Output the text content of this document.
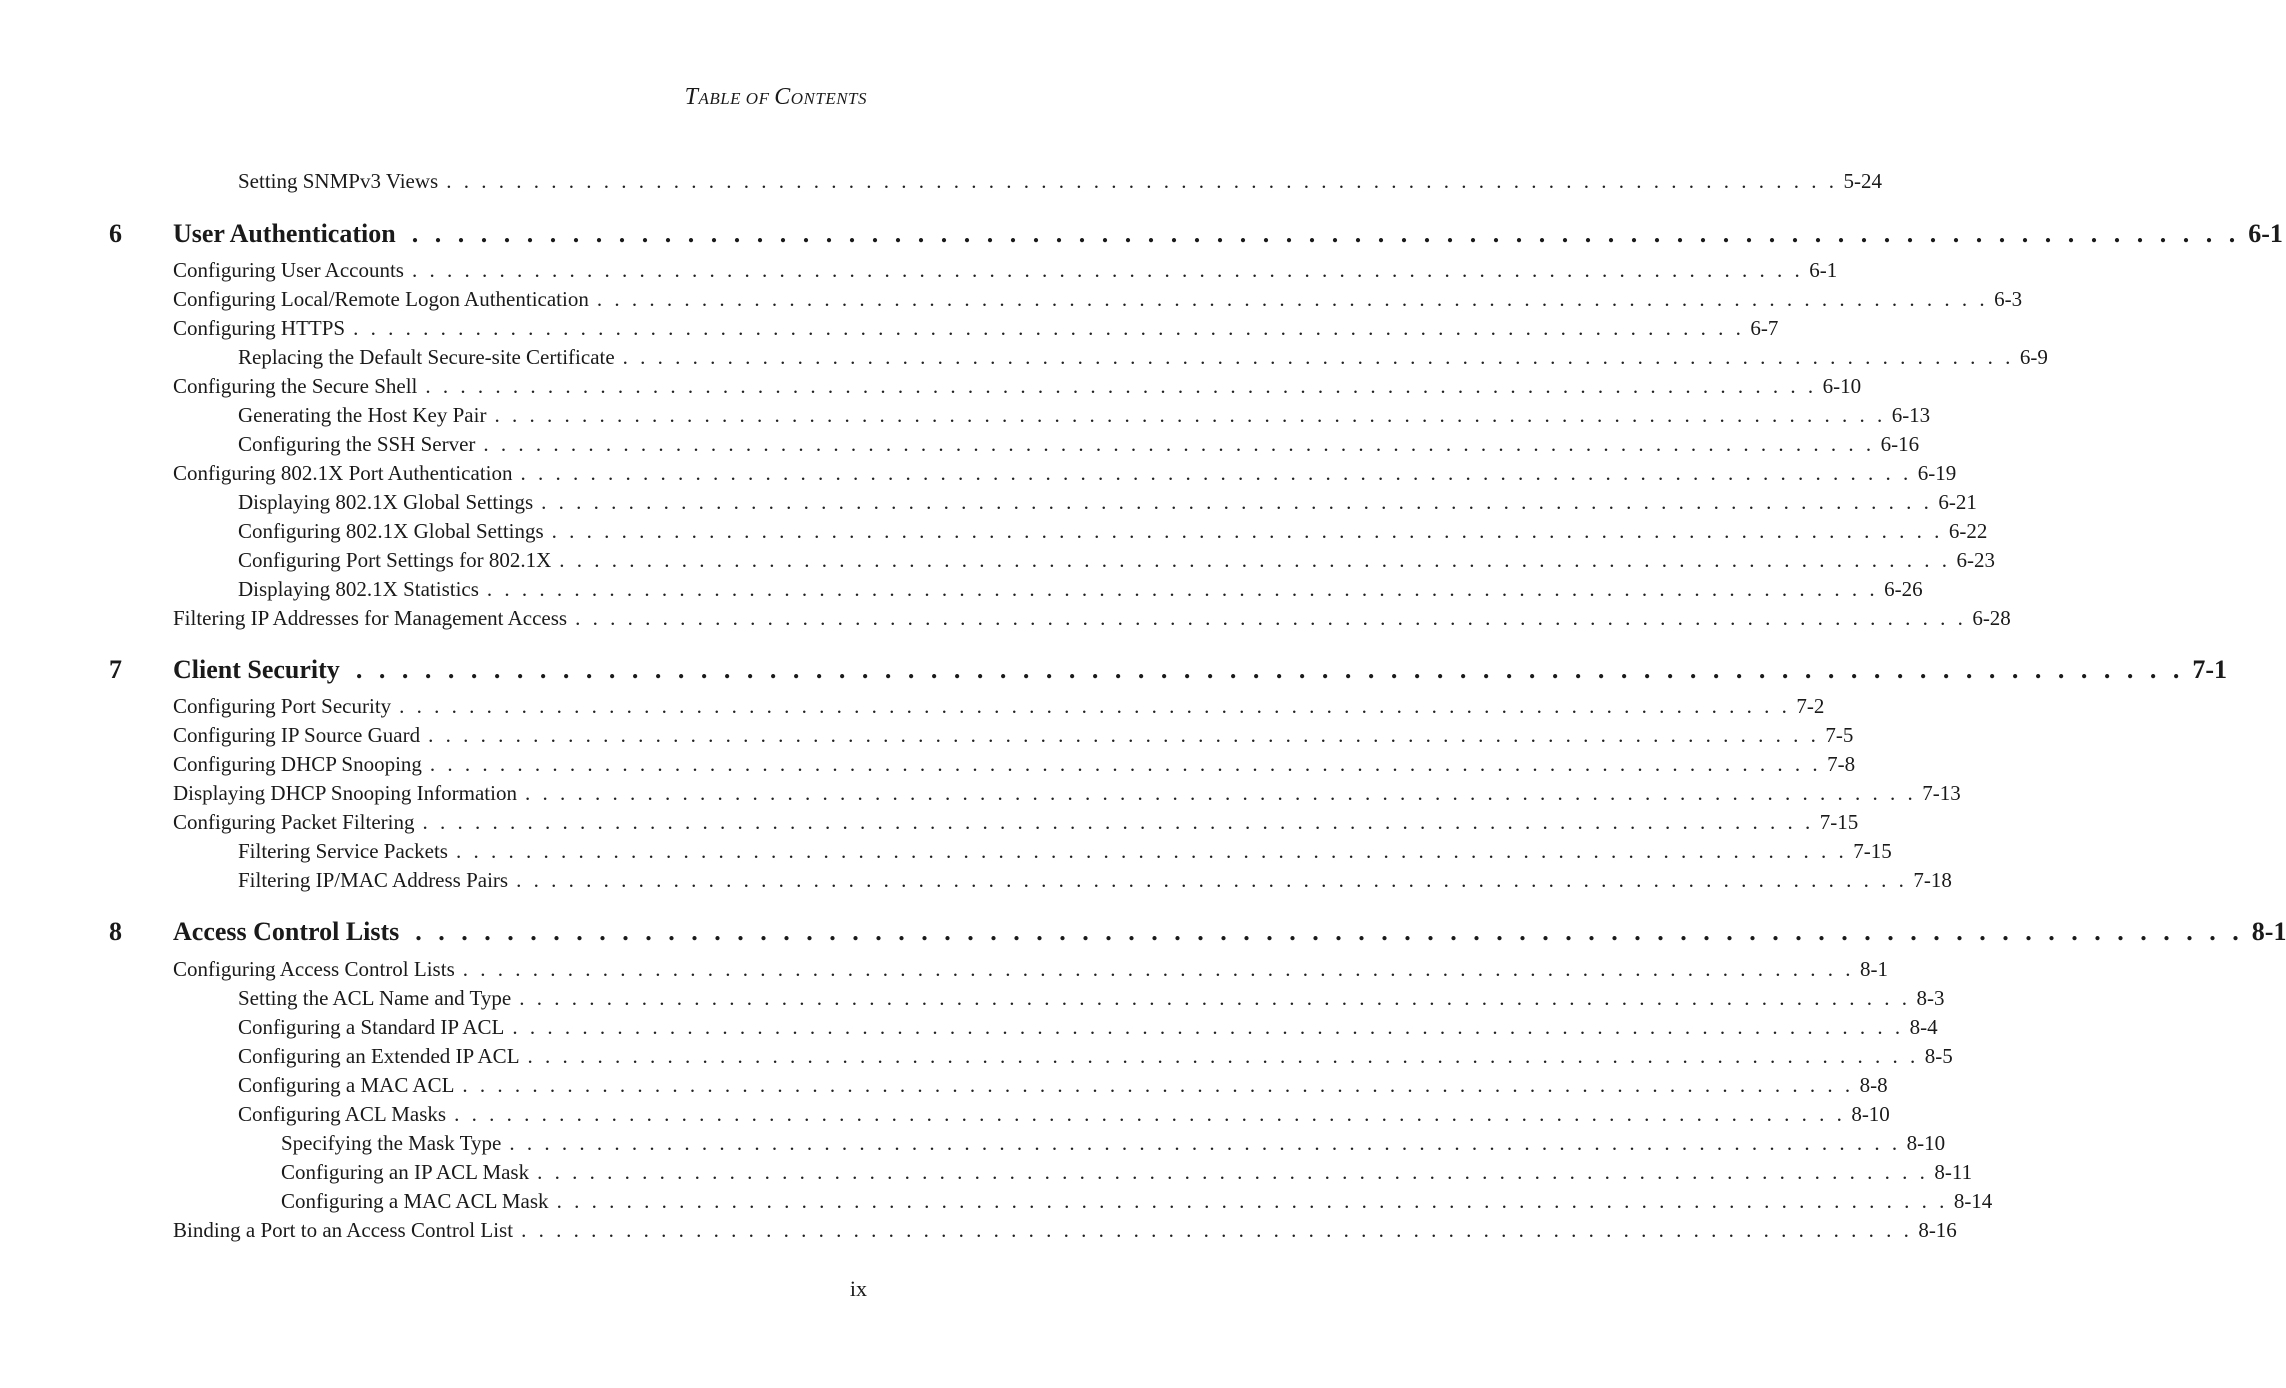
TABLE OF CONTENTS
Setting SNMPv3 Views . . . . . . . . . . . . . . . . . . . . . . . . . . . . . . . . . . . . . . . . . . . . . . . . . . . . . . . . . . . . . . . . . . . . . . . . . . . . . . . . 5-24
6 User Authentication . . . . . . . . . . . . . . . . . . . . . . . . . . . . . . . . . . . . . . . . . . . . . . . . . . . . . . . . . . . . . . . . . . . . . . . . . . . . . . . . 6-1
Configuring User Accounts . . . . . . . . . . . . . . . . . . . . . . . . . . . . . . . . . . . . . . . . . . . . . . . . . . . . . . . . . . . . . . . . . . . . . . . . . . . . . . . . 6-1
Configuring Local/Remote Logon Authentication . . . . . . . . . . . . . . . . . . . . . . . . . . . . . . . . . . . . . . . . . . . . . . . . . . . . . . . . . . . . . . . . . . . . . . . . . . . . . . . . 6-3
Configuring HTTPS . . . . . . . . . . . . . . . . . . . . . . . . . . . . . . . . . . . . . . . . . . . . . . . . . . . . . . . . . . . . . . . . . . . . . . . . . . . . . . . . 6-7
Replacing the Default Secure-site Certificate . . . . . . . . . . . . . . . . . . . . . . . . . . . . . . . . . . . . . . . . . . . . . . . . . . . . . . . . . . . . . . . . . . . . . . . . . . . . . . . . 6-9
Configuring the Secure Shell . . . . . . . . . . . . . . . . . . . . . . . . . . . . . . . . . . . . . . . . . . . . . . . . . . . . . . . . . . . . . . . . . . . . . . . . . . . . . . . . 6-10
Generating the Host Key Pair . . . . . . . . . . . . . . . . . . . . . . . . . . . . . . . . . . . . . . . . . . . . . . . . . . . . . . . . . . . . . . . . . . . . . . . . . . . . . . . . 6-13
Configuring the SSH Server . . . . . . . . . . . . . . . . . . . . . . . . . . . . . . . . . . . . . . . . . . . . . . . . . . . . . . . . . . . . . . . . . . . . . . . . . . . . . . . . 6-16
Configuring 802.1X Port Authentication . . . . . . . . . . . . . . . . . . . . . . . . . . . . . . . . . . . . . . . . . . . . . . . . . . . . . . . . . . . . . . . . . . . . . . . . . . . . . . . . 6-19
Displaying 802.1X Global Settings . . . . . . . . . . . . . . . . . . . . . . . . . . . . . . . . . . . . . . . . . . . . . . . . . . . . . . . . . . . . . . . . . . . . . . . . . . . . . . . . 6-21
Configuring 802.1X Global Settings . . . . . . . . . . . . . . . . . . . . . . . . . . . . . . . . . . . . . . . . . . . . . . . . . . . . . . . . . . . . . . . . . . . . . . . . . . . . . . . . 6-22
Configuring Port Settings for 802.1X . . . . . . . . . . . . . . . . . . . . . . . . . . . . . . . . . . . . . . . . . . . . . . . . . . . . . . . . . . . . . . . . . . . . . . . . . . . . . . . . 6-23
Displaying 802.1X Statistics . . . . . . . . . . . . . . . . . . . . . . . . . . . . . . . . . . . . . . . . . . . . . . . . . . . . . . . . . . . . . . . . . . . . . . . . . . . . . . . . 6-26
Filtering IP Addresses for Management Access . . . . . . . . . . . . . . . . . . . . . . . . . . . . . . . . . . . . . . . . . . . . . . . . . . . . . . . . . . . . . . . . . . . . . . . . . . . . . . . . 6-28
7 Client Security . . . . . . . . . . . . . . . . . . . . . . . . . . . . . . . . . . . . . . . . . . . . . . . . . . . . . . . . . . . . . . . . . . . . . . . . . . . . . . . . 7-1
Configuring Port Security . . . . . . . . . . . . . . . . . . . . . . . . . . . . . . . . . . . . . . . . . . . . . . . . . . . . . . . . . . . . . . . . . . . . . . . . . . . . . . . . 7-2
Configuring IP Source Guard . . . . . . . . . . . . . . . . . . . . . . . . . . . . . . . . . . . . . . . . . . . . . . . . . . . . . . . . . . . . . . . . . . . . . . . . . . . . . . . . 7-5
Configuring DHCP Snooping . . . . . . . . . . . . . . . . . . . . . . . . . . . . . . . . . . . . . . . . . . . . . . . . . . . . . . . . . . . . . . . . . . . . . . . . . . . . . . . . 7-8
Displaying DHCP Snooping Information . . . . . . . . . . . . . . . . . . . . . . . . . . . . . . . . . . . . . . . . . . . . . . . . . . . . . . . . . . . . . . . . . . . . . . . . . . . . . . . . 7-13
Configuring Packet Filtering . . . . . . . . . . . . . . . . . . . . . . . . . . . . . . . . . . . . . . . . . . . . . . . . . . . . . . . . . . . . . . . . . . . . . . . . . . . . . . . . 7-15
Filtering Service Packets . . . . . . . . . . . . . . . . . . . . . . . . . . . . . . . . . . . . . . . . . . . . . . . . . . . . . . . . . . . . . . . . . . . . . . . . . . . . . . . . 7-15
Filtering IP/MAC Address Pairs . . . . . . . . . . . . . . . . . . . . . . . . . . . . . . . . . . . . . . . . . . . . . . . . . . . . . . . . . . . . . . . . . . . . . . . . . . . . . . . . 7-18
8 Access Control Lists . . . . . . . . . . . . . . . . . . . . . . . . . . . . . . . . . . . . . . . . . . . . . . . . . . . . . . . . . . . . . . . . . . . . . . . . . . . . . . . . 8-1
Configuring Access Control Lists . . . . . . . . . . . . . . . . . . . . . . . . . . . . . . . . . . . . . . . . . . . . . . . . . . . . . . . . . . . . . . . . . . . . . . . . . . . . . . . . 8-1
Setting the ACL Name and Type . . . . . . . . . . . . . . . . . . . . . . . . . . . . . . . . . . . . . . . . . . . . . . . . . . . . . . . . . . . . . . . . . . . . . . . . . . . . . . . . 8-3
Configuring a Standard IP ACL . . . . . . . . . . . . . . . . . . . . . . . . . . . . . . . . . . . . . . . . . . . . . . . . . . . . . . . . . . . . . . . . . . . . . . . . . . . . . . . . 8-4
Configuring an Extended IP ACL . . . . . . . . . . . . . . . . . . . . . . . . . . . . . . . . . . . . . . . . . . . . . . . . . . . . . . . . . . . . . . . . . . . . . . . . . . . . . . . . 8-5
Configuring a MAC ACL . . . . . . . . . . . . . . . . . . . . . . . . . . . . . . . . . . . . . . . . . . . . . . . . . . . . . . . . . . . . . . . . . . . . . . . . . . . . . . . . 8-8
Configuring ACL Masks . . . . . . . . . . . . . . . . . . . . . . . . . . . . . . . . . . . . . . . . . . . . . . . . . . . . . . . . . . . . . . . . . . . . . . . . . . . . . . . . 8-10
Specifying the Mask Type . . . . . . . . . . . . . . . . . . . . . . . . . . . . . . . . . . . . . . . . . . . . . . . . . . . . . . . . . . . . . . . . . . . . . . . . . . . . . . . . 8-10
Configuring an IP ACL Mask . . . . . . . . . . . . . . . . . . . . . . . . . . . . . . . . . . . . . . . . . . . . . . . . . . . . . . . . . . . . . . . . . . . . . . . . . . . . . . . . 8-11
Configuring a MAC ACL Mask . . . . . . . . . . . . . . . . . . . . . . . . . . . . . . . . . . . . . . . . . . . . . . . . . . . . . . . . . . . . . . . . . . . . . . . . . . . . . . . . 8-14
Binding a Port to an Access Control List . . . . . . . . . . . . . . . . . . . . . . . . . . . . . . . . . . . . . . . . . . . . . . . . . . . . . . . . . . . . . . . . . . . . . . . . . . . . . . . . 8-16
ix
